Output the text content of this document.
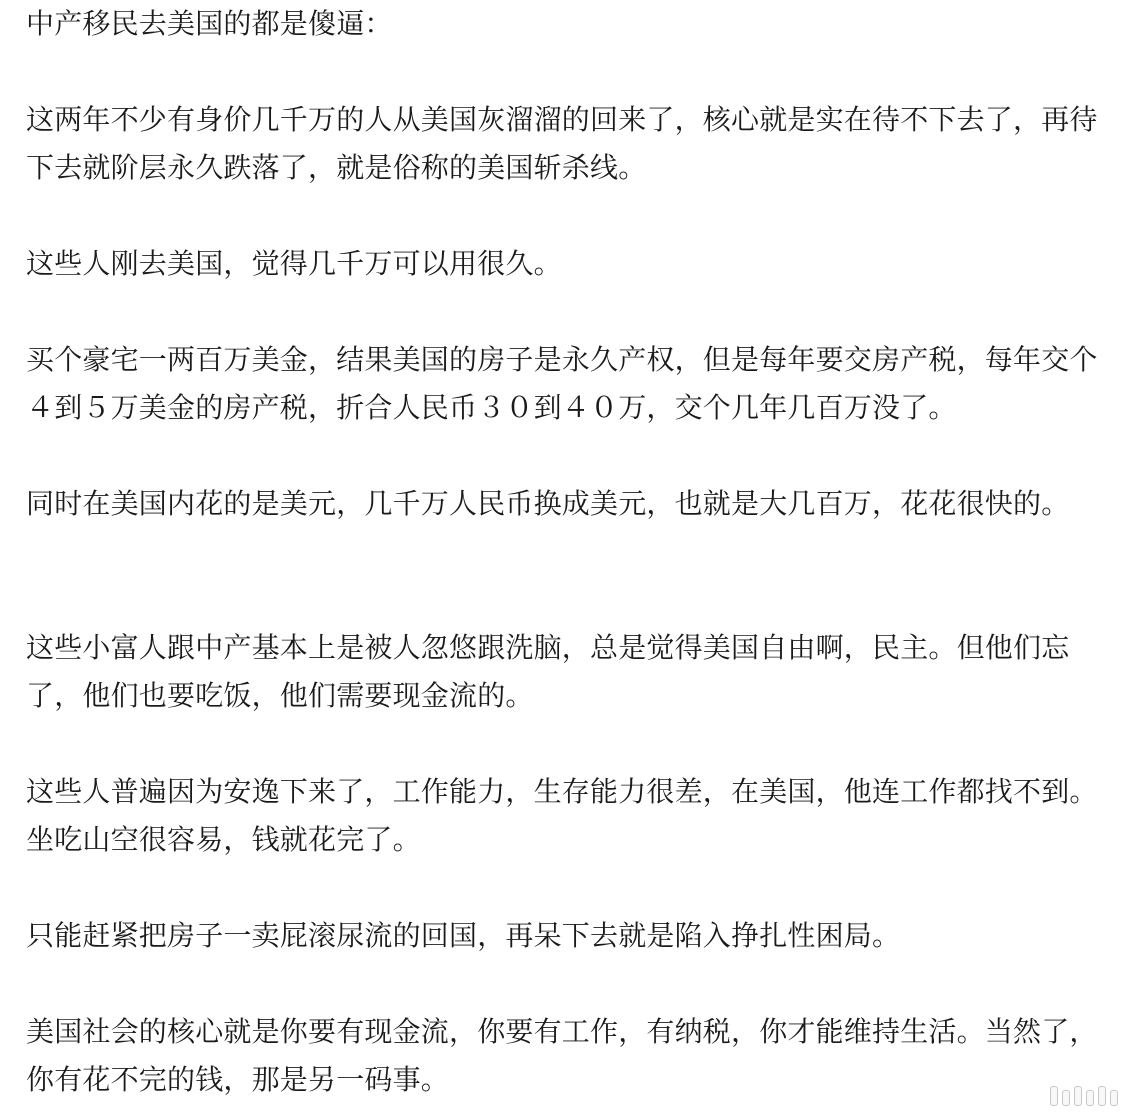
中产移民去美国的都是傻逼：

这两年不少有身价几千万的人从美国灰溜溜的回来了，核心就是实在待不下去了，再待下去就阶层永久跌落了，就是俗称的美国斩杀线。

这些人刚去美国，觉得几千万可以用很久。

买个豪宅一两百万美金，结果美国的房子是永久产权，但是每年要交房产税，每年交个４到５万美金的房产税，折合人民币３０到４０万，交个几年几百万没了。

同时在美国内花的是美元，几千万人民币换成美元，也就是大几百万，花花很快的。

这些小富人跟中产基本上是被人忽悠跟洗脑，总是觉得美国自由啊，民主。但他们忘了，他们也要吃饭，他们需要现金流的。

这些人普遍因为安逸下来了，工作能力，生存能力很差，在美国，他连工作都找不到。坐吃山空很容易，钱就花完了。

只能赶紧把房子一卖屁滚尿流的回国，再呆下去就是陷入挣扎性困局。

美国社会的核心就是你要有现金流，你要有工作，有纳税，你才能维持生活。当然了，你有花不完的钱，那是另一码事。
